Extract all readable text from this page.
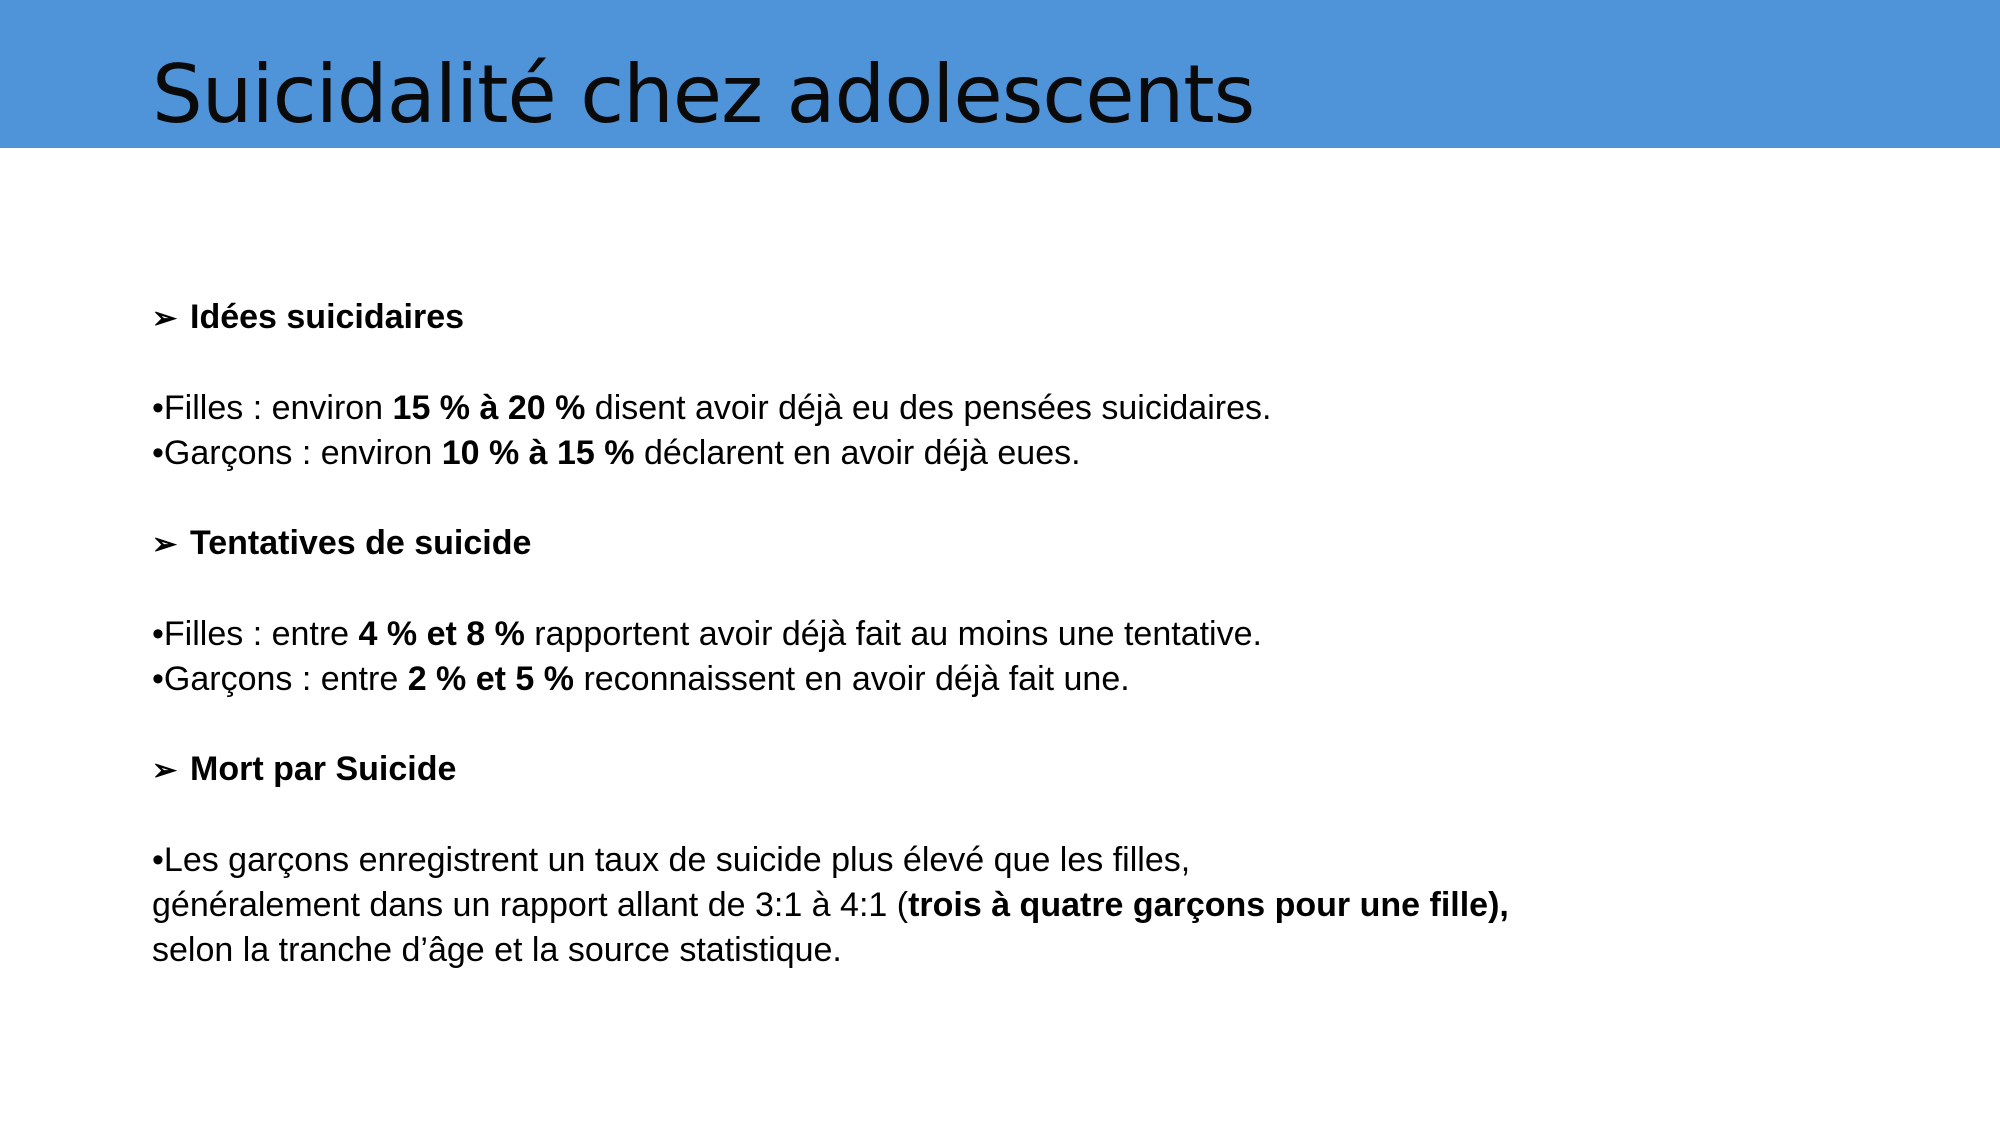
Suicidalité chez adolescents
➢ Idées suicidaires
•Filles : environ 15 % à 20 % disent avoir déjà eu des pensées suicidaires.
•Garçons : environ 10 % à 15 % déclarent en avoir déjà eues.
➢ Tentatives de suicide
•Filles : entre 4 % et 8 % rapportent avoir déjà fait au moins une tentative.
•Garçons : entre 2 % et 5 % reconnaissent en avoir déjà fait une.
➢ Mort par Suicide
•Les garçons enregistrent un taux de suicide plus élevé que les filles,
généralement dans un rapport allant de 3:1 à 4:1 (trois à quatre garçons pour une fille),
selon la tranche d’âge et la source statistique.
